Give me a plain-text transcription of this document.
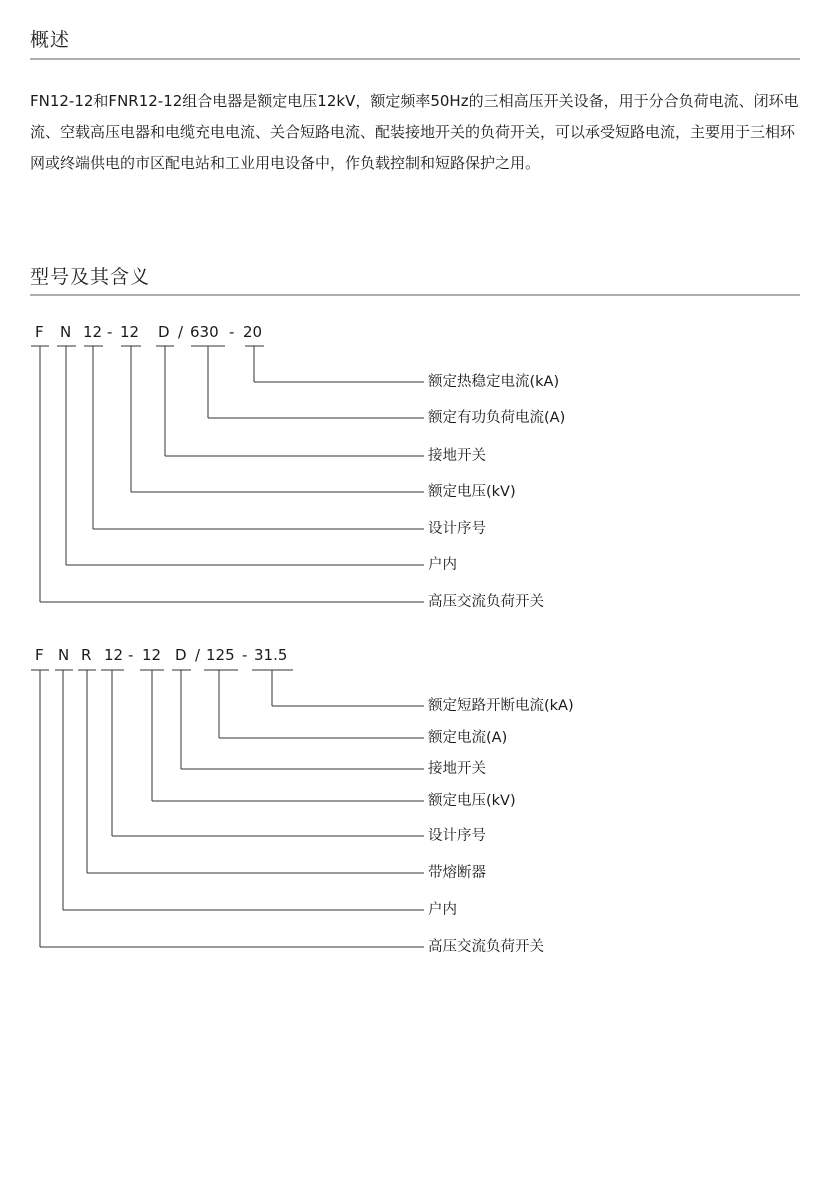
概述

FN12-12和FNR12-12组合电器是额定电压12kV，额定频率50Hz的三相高压开关设备，用于分合负荷电流、闭环电流、空载高压电器和电缆充电电流、关合短路电流、配装接地开关的负荷开关，可以承受短路电流，主要用于三相环网或终端供电的市区配电站和工业用电设备中，作负载控制和短路保护之用。

型号及其含义
F N 12 - 12 D / 630 - 20
F N R 12 - 12 D / 125 - 31.5
额定热稳定电流(kA)
额定有功负荷电流(A)
接地开关
额定电压(kV)
设计序号
户内
高压交流负荷开关
额定短路开断电流(kA)
额定电流(A)
接地开关
额定电压(kV)
设计序号
带熔断器
户内
高压交流负荷开关
